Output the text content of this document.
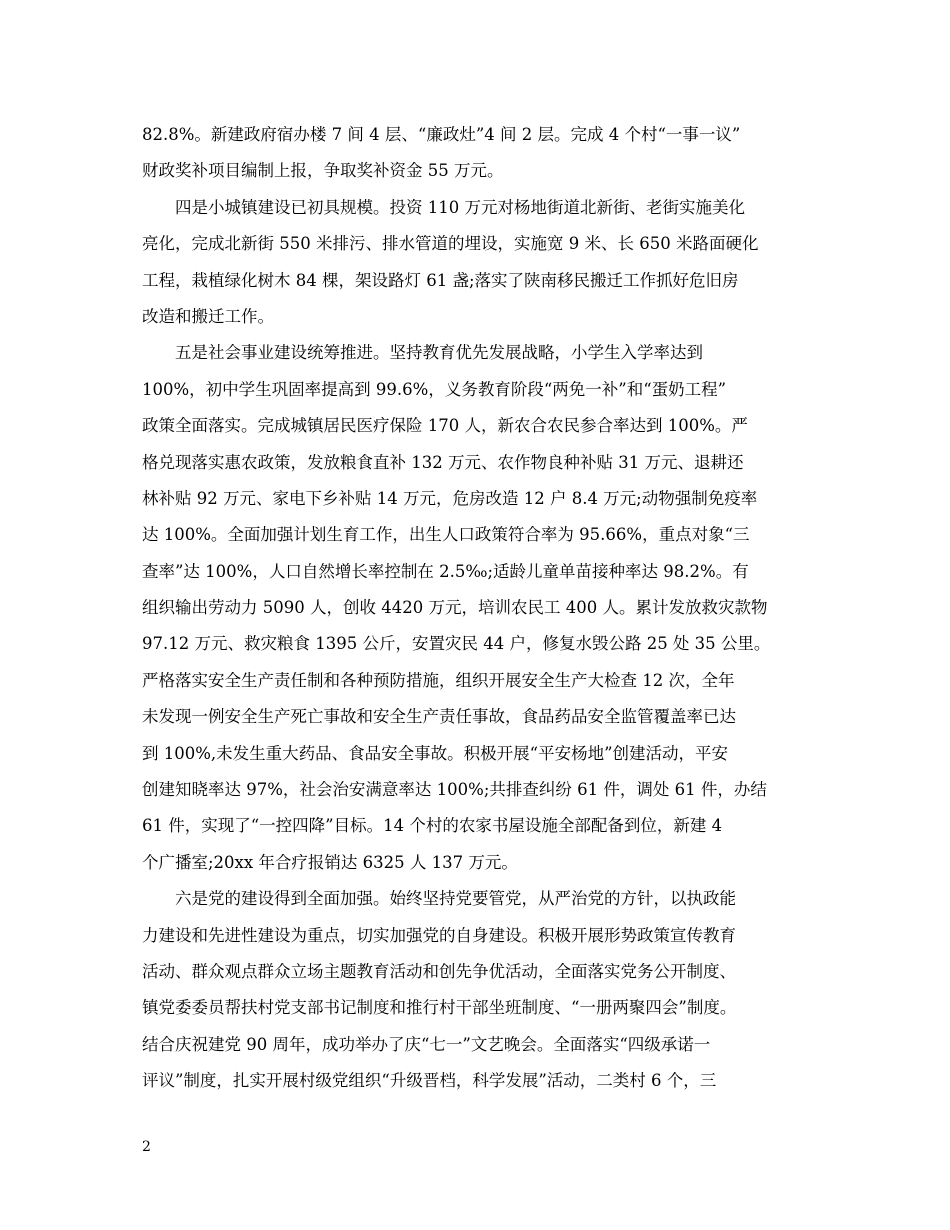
82.8%。新建政府宿办楼 7 间 4 层、“廉政灶”4 间 2 层。完成 4 个村“一事一议”
财政奖补项目编制上报，争取奖补资金 55 万元。
四是小城镇建设已初具规模。投资 110 万元对杨地街道北新街、老街实施美化
亮化，完成北新街 550 米排污、排水管道的埋设，实施宽 9 米、长 650 米路面硬化
工程，栽植绿化树木 84 棵，架设路灯 61 盏;落实了陕南移民搬迁工作抓好危旧房
改造和搬迁工作。
五是社会事业建设统筹推进。坚持教育优先发展战略，小学生入学率达到
100%，初中学生巩固率提高到 99.6%，义务教育阶段“两免一补”和“蛋奶工程”
政策全面落实。完成城镇居民医疗保险 170 人，新农合农民参合率达到 100%。严
格兑现落实惠农政策，发放粮食直补 132 万元、农作物良种补贴 31 万元、退耕还
林补贴 92 万元、家电下乡补贴 14 万元，危房改造 12 户 8.4 万元;动物强制免疫率
达 100%。全面加强计划生育工作，出生人口政策符合率为 95.66%，重点对象“三
查率”达 100%，人口自然增长率控制在 2.5‰;适龄儿童单苗接种率达 98.2%。有
组织输出劳动力 5090 人，创收 4420 万元，培训农民工 400 人。累计发放救灾款物
97.12 万元、救灾粮食 1395 公斤，安置灾民 44 户，修复水毁公路 25 处 35 公里。
严格落实安全生产责任制和各种预防措施，组织开展安全生产大检查 12 次，全年
未发现一例安全生产死亡事故和安全生产责任事故，食品药品安全监管覆盖率已达
到 100%,未发生重大药品、食品安全事故。积极开展“平安杨地”创建活动，平安
创建知晓率达 97%，社会治安满意率达 100%;共排查纠纷 61 件，调处 61 件，办结
61 件，实现了“一控四降”目标。14 个村的农家书屋设施全部配备到位，新建 4
个广播室;20xx 年合疗报销达 6325 人 137 万元。
六是党的建设得到全面加强。始终坚持党要管党，从严治党的方针，以执政能
力建设和先进性建设为重点，切实加强党的自身建设。积极开展形势政策宣传教育
活动、群众观点群众立场主题教育活动和创先争优活动，全面落实党务公开制度、
镇党委委员帮扶村党支部书记制度和推行村干部坐班制度、“一册两聚四会”制度。
结合庆祝建党 90 周年，成功举办了庆“七一”文艺晚会。全面落实“四级承诺一
评议”制度，扎实开展村级党组织“升级晋档，科学发展”活动，二类村 6 个，三
2
